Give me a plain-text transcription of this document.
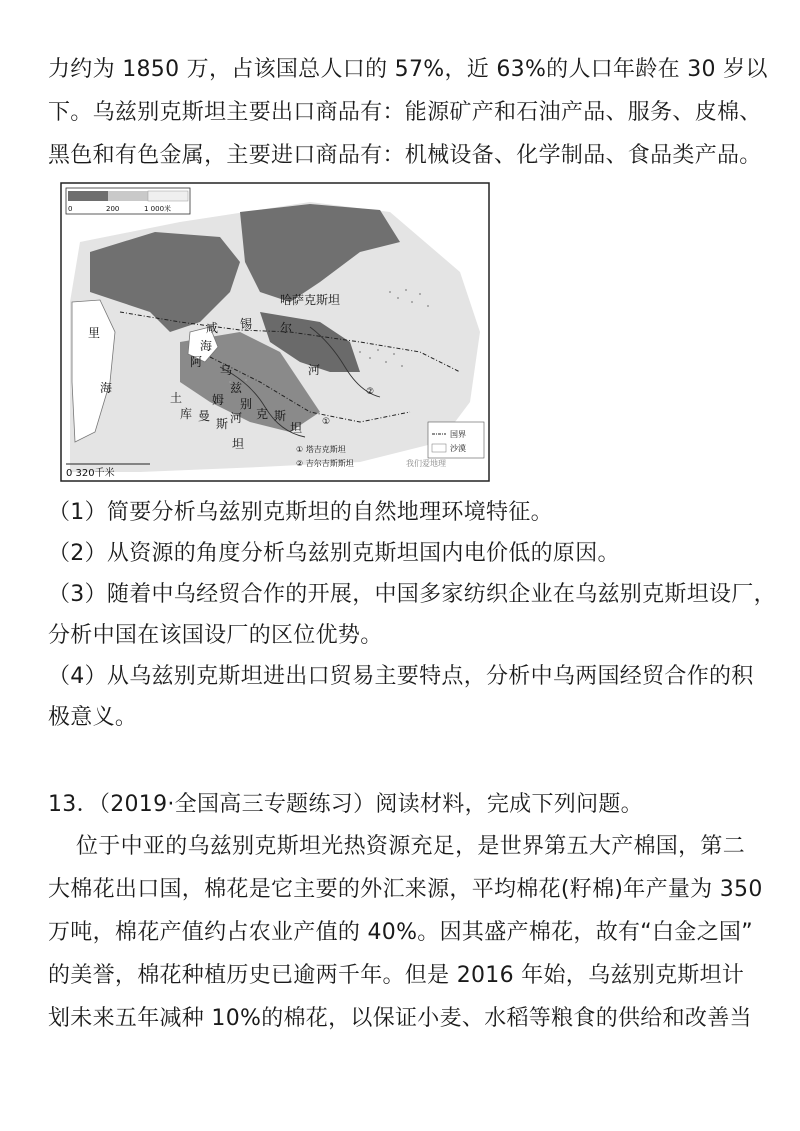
力约为 1850 万，占该国总人口的 57%，近 63%的人口年龄在 30 岁以
下。乌兹别克斯坦主要出口商品有：能源矿产和石油产品、服务、皮棉、
黑色和有色金属，主要进口商品有：机械设备、化学制品、食品类产品。
0	200	1 000米
哈萨克斯坦
里
海
咸
海
阿
姆
河
锡 尔
河
乌
兹
别
克 斯
坦
土
库 曼
斯
坦
①
②
国界
沙漠
0 320千米
① 塔吉克斯坦
② 吉尔吉斯斯坦	我们爱地理
（1）简要分析乌兹别克斯坦的自然地理环境特征。
（2）从资源的角度分析乌兹别克斯坦国内电价低的原因。
（3）随着中乌经贸合作的开展，中国多家纺织企业在乌兹别克斯坦设厂，
分析中国在该国设厂的区位优势。
（4）从乌兹别克斯坦进出口贸易主要特点，分析中乌两国经贸合作的积
极意义。
13．（2019·全国高三专题练习）阅读材料，完成下列问题。
位于中亚的乌兹别克斯坦光热资源充足，是世界第五大产棉国，第二
大棉花出口国，棉花是它主要的外汇来源，平均棉花(籽棉)年产量为 350
万吨，棉花产值约占农业产值的 40%。因其盛产棉花，故有“白金之国”
的美誉，棉花种植历史已逾两千年。但是 2016 年始，乌兹别克斯坦计
划未来五年减种 10%的棉花，以保证小麦、水稻等粮食的供给和改善当
